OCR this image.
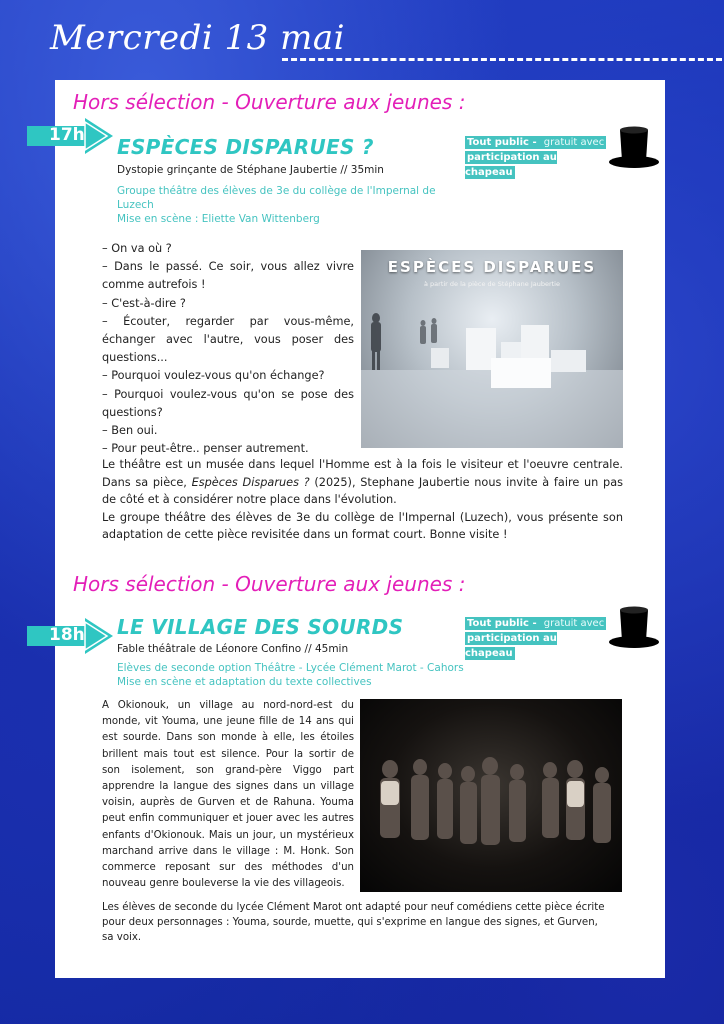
Mercredi 13 mai
Hors sélection - Ouverture aux jeunes :
17h ESPÈCES DISPARUES ?
Dystopie grinçante de Stéphane Jaubertie // 35min
Groupe théâtre des élèves de 3e du collège de l'Impernal de Luzech
Mise en scène : Eliette Van Wittenberg
Tout public - gratuit avec
participation au chapeau
– On va où ?
– Dans le passé. Ce soir, vous allez vivre comme autrefois !
– C'est-à-dire ?
– Écouter, regarder par vous-même, échanger avec l'autre, vous poser des questions...
– Pourquoi voulez-vous qu'on échange?
– Pourquoi voulez-vous qu'on se pose des questions?
– Ben oui.
– Pour peut-être.. penser autrement.
ESPÈCES DISPARUES
à partir de la pièce de Stéphane Jaubertie
Le théâtre est un musée dans lequel l'Homme est à la fois le visiteur et l'oeuvre centrale. Dans sa pièce, Espèces Disparues ? (2025), Stephane Jaubertie nous invite à faire un pas de côté et à considérer notre place dans l'évolution.
Le groupe théâtre des élèves de 3e du collège de l'Impernal (Luzech), vous présente son adaptation de cette pièce revisitée dans un format court. Bonne visite !
Hors sélection - Ouverture aux jeunes :
18h LE VILLAGE DES SOURDS
Fable théâtrale de Léonore Confino // 45min
Elèves de seconde option Théâtre - Lycée Clément Marot - Cahors
Mise en scène et adaptation du texte collectives
Tout public - gratuit avec
participation au chapeau
A Okionouk, un village au nord-nord-est du monde, vit Youma, une jeune fille de 14 ans qui est sourde. Dans son monde à elle, les étoiles brillent mais tout est silence. Pour la sortir de son isolement, son grand-père Viggo part apprendre la langue des signes dans un village voisin, auprès de Gurven et de Rahuna. Youma peut enfin communiquer et jouer avec les autres enfants d'Okionouk. Mais un jour, un mystérieux marchand arrive dans le village : M. Honk. Son commerce reposant sur des méthodes d'un nouveau genre bouleverse la vie des villageois.
Les élèves de seconde du lycée Clément Marot ont adapté pour neuf comédiens cette pièce écrite pour deux personnages : Youma, sourde, muette, qui s'exprime en langue des signes, et Gurven, sa voix.
